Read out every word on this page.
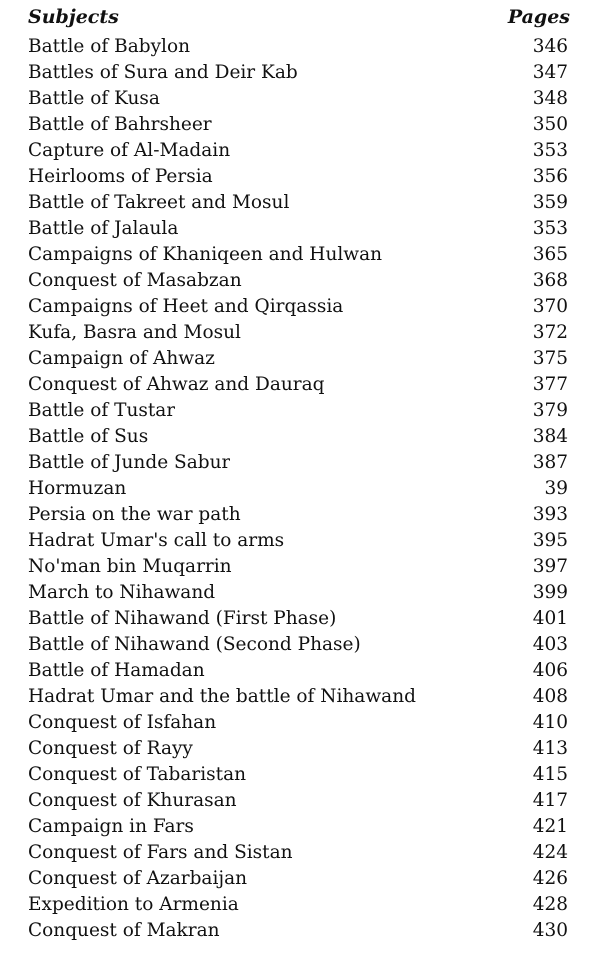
Subjects	Pages
Battle of Babylon	346
Battles of Sura and Deir Kab	347
Battle of Kusa	348
Battle of Bahrsheer	350
Capture of Al-Madain	353
Heirlooms of Persia	356
Battle of Takreet and Mosul	359
Battle of Jalaula	353
Campaigns of Khaniqeen and Hulwan	365
Conquest of Masabzan	368
Campaigns of Heet and Qirqassia	370
Kufa, Basra and Mosul	372
Campaign of Ahwaz	375
Conquest of Ahwaz and Dauraq	377
Battle of Tustar	379
Battle of Sus	384
Battle of Junde Sabur	387
Hormuzan	39
Persia on the war path	393
Hadrat Umar's call to arms	395
No'man bin Muqarrin	397
March to Nihawand	399
Battle of Nihawand (First Phase)	401
Battle of Nihawand (Second Phase)	403
Battle of Hamadan	406
Hadrat Umar and the battle of Nihawand	408
Conquest of Isfahan	410
Conquest of Rayy	413
Conquest of Tabaristan	415
Conquest of Khurasan	417
Campaign in Fars	421
Conquest of Fars and Sistan	424
Conquest of Azarbaijan	426
Expedition to Armenia	428
Conquest of Makran	430
